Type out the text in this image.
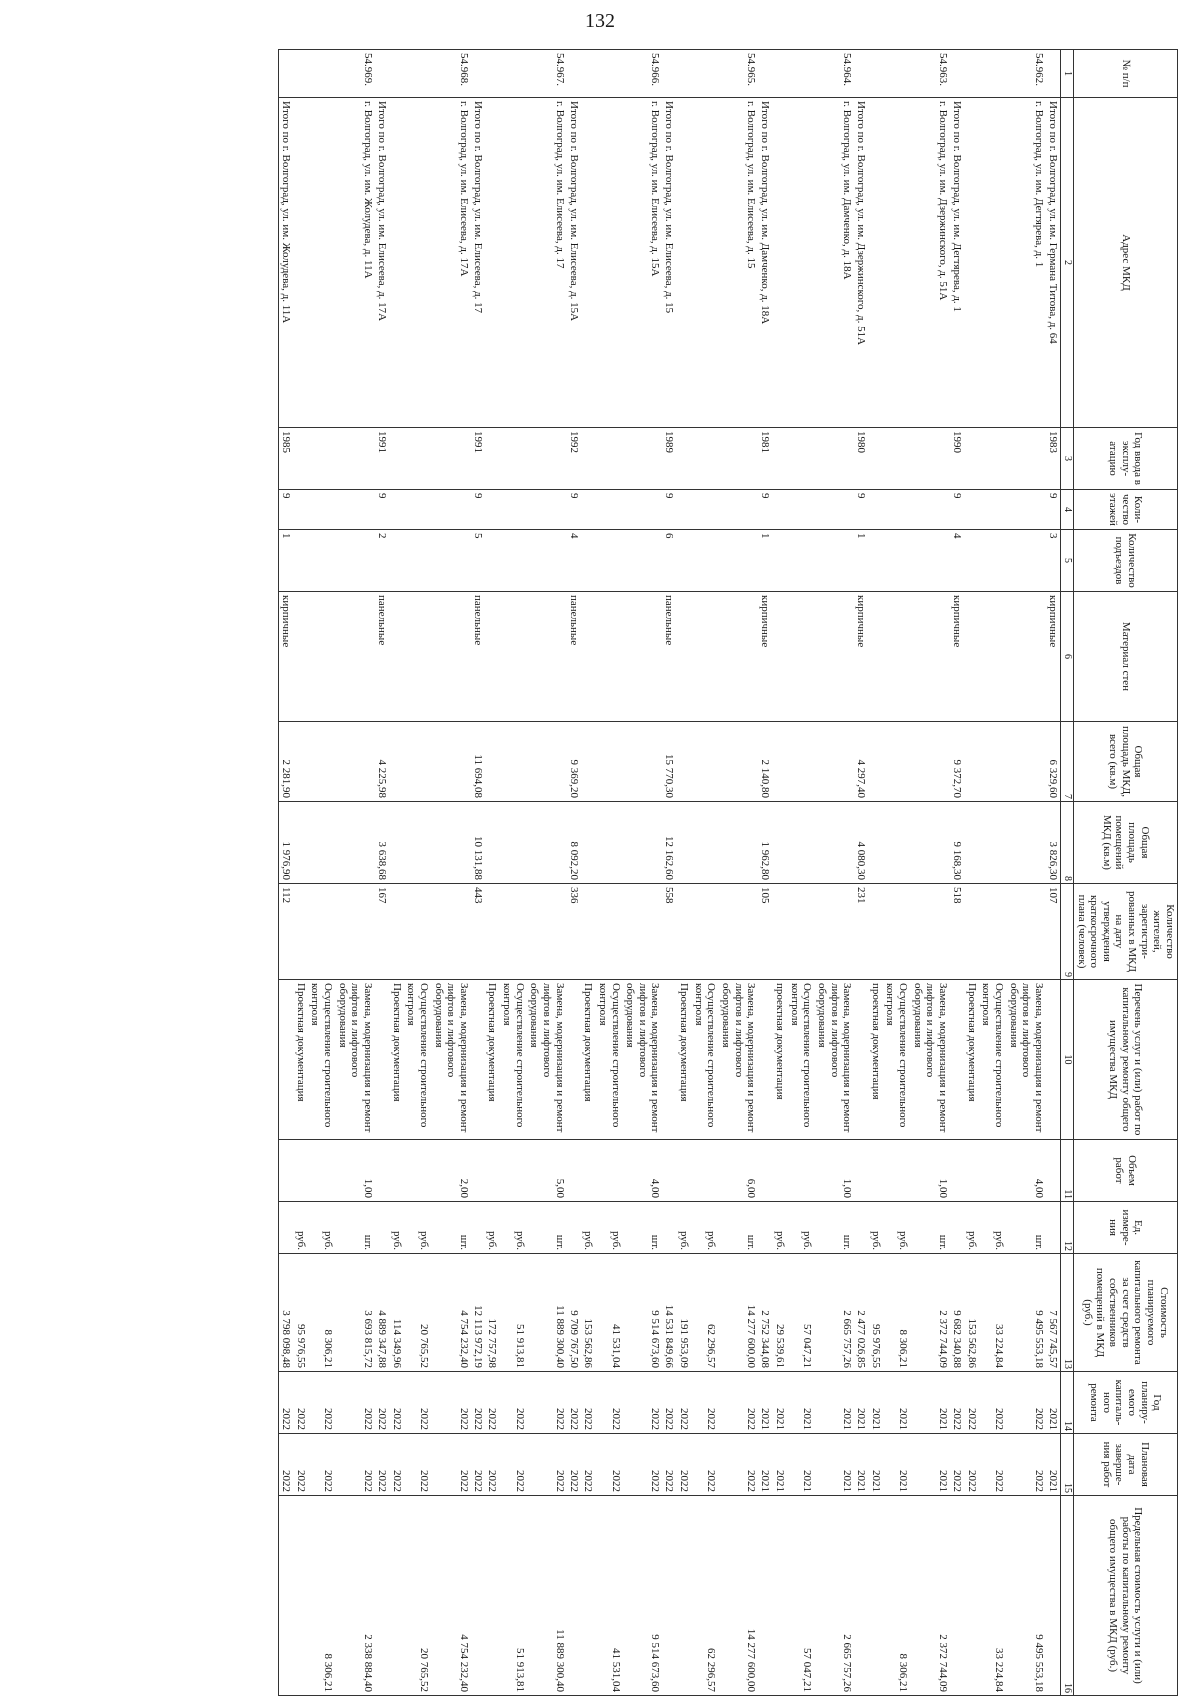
132
№ п/п	Адрес МКД	Год ввода в эксплу- атацию	Коли- чество этажей	Количество подъездов	Материал стен	Общая площадь МКД, всего (кв.м)	Общая площадь помещений МКД (кв.м)	Количество жителей, зарегистри- рованных в МКД на дату утверждения краткосрочного плана (человек)	Перечень услуг и (или) работ по капитальному ремонту общего имущества МКД	Объем работ	Ед. измере- ния	Стоимость планируемого капитального ремонта за счет средств собственников помещений в МКД (руб.)	Год планиру- емого капиталь- ного ремонта	Плановая дата заверше- ния работ	Предельная стоимость услуги и (или) работы по капитальному ремонту общего имущества в МКД (руб.)
1	2	3	4	5	6	7	8	9	10	11	12	13	14	15	16
	Итого по г. Волгоград, ул. им. Германа Титова, д. 64	1983	9	3	кирпичные	6 329,60	3 826,30	107				7 567 745,57	2021	2021	
54.962.	г. Волгоград, ул. им. Дегтярева, д. 1								Замена, модернизация и ремонт лифтов и лифтового оборудования	4,00	шт.	9 495 553,18	2022	2022	9 495 553,18
									Осуществление строительного контроля		руб.	33 224,84	2022	2022	33 224,84
									Проектная документация		руб.	153 562,86	2022	2022	
	Итого по г. Волгоград, ул. им. Дегтярева, д. 1	1990	9	4	кирпичные	9 372,70	9 168,30	518				9 682 340,88	2022	2022	
54.963.	г. Волгоград, ул. им. Дзержинского, д. 51А								Замена, модернизация и ремонт лифтов и лифтового оборудования	1,00	шт.	2 372 744,09	2021	2021	2 372 744,09
									Осуществление строительного контроля		руб.	8 306,21	2021	2021	8 306,21
									проектная документация		руб.	95 976,55	2021	2021	
	Итого по г. Волгоград, ул. им. Дзержинского, д. 51А	1980	9	1	кирпичные	4 297,40	4 080,30	231				2 477 026,85	2021	2021	
54.964.	г. Волгоград, ул. им. Дамченко, д. 18А								Замена, модернизация и ремонт лифтов и лифтового оборудования	1,00	шт.	2 665 757,26	2021	2021	2 665 757,26
									Осуществление строительного контроля		руб.	57 047,21	2021	2021	57 047,21
									проектная документация		руб.	29 539,61	2021	2021	
	Итого по г. Волгоград, ул. им. Дамченко, д. 18А	1981	9	1	кирпичные	2 140,80	1 962,80	105				2 752 344,08	2021	2021	
54.965.	г. Волгоград, ул. им. Елисеева, д. 15								Замена, модернизация и ремонт лифтов и лифтового оборудования	6,00	шт.	14 277 600,00	2022	2022	14 277 600,00
									Осуществление строительного контроля		руб.	62 296,57	2022	2022	62 296,57
									Проектная документация		руб.	191 953,09	2022	2022	
	Итого по г. Волгоград, ул. им. Елисеева, д. 15	1989	9	6	панельные	15 770,30	12 162,60	558				14 531 849,66	2022	2022	
54.966.	г. Волгоград, ул. им. Елисеева, д. 15А								Замена, модернизация и ремонт лифтов и лифтового оборудования	4,00	шт.	9 514 673,60	2022	2022	9 514 673,60
									Осуществление строительного контроля		руб.	41 531,04	2022	2022	41 531,04
									Проектная документация		руб.	153 562,86	2022	2022	
	Итого по г. Волгоград, ул. им. Елисеева, д. 15А	1992	9	4	панельные	9 369,20	8 092,20	336				9 709 767,50	2022	2022	
54.967.	г. Волгоград, ул. им. Елисеева, д. 17								Замена, модернизация и ремонт лифтов и лифтового оборудования	5,00	шт.	11 889 300,40	2022	2022	11 889 300,40
									Осуществление строительного контроля		руб.	51 913,81	2022	2022	51 913,81
									Проектная документация		руб.	172 757,98	2022	2022	
	Итого по г. Волгоград, ул. им. Елисеева, д. 17	1991	9	5	панельные	11 694,08	10 131,88	443				12 113 972,19	2022	2022	
54.968.	г. Волгоград, ул. им. Елисеева, д. 17А								Замена, модернизация и ремонт лифтов и лифтового оборудования	2,00	шт.	4 754 232,40	2022	2022	4 754 232,40
									Осуществление строительного контроля		руб.	20 765,52	2022	2022	20 765,52
									Проектная документация		руб.	114 349,96	2022	2022	
	Итого по г. Волгоград, ул. им. Елисеева, д. 17А	1991	9	2	панельные	4 225,98	3 638,68	167				4 889 347,88	2022	2022	
54.969.	г. Волгоград, ул. им. Жолудева, д. 11А								Замена, модернизация и ремонт лифтов и лифтового оборудования	1,00	шт.	3 693 815,72	2022	2022	2 338 884,40
									Осуществление строительного контроля		руб.	8 306,21	2022	2022	8 306,21
									Проектная документация		руб.	95 976,55	2022	2022	
	Итого по г. Волгоград, ул. им. Жолудева, д. 11А	1985	9	1	кирпичные	2 281,90	1 976,90	112				3 798 098,48	2022	2022	
